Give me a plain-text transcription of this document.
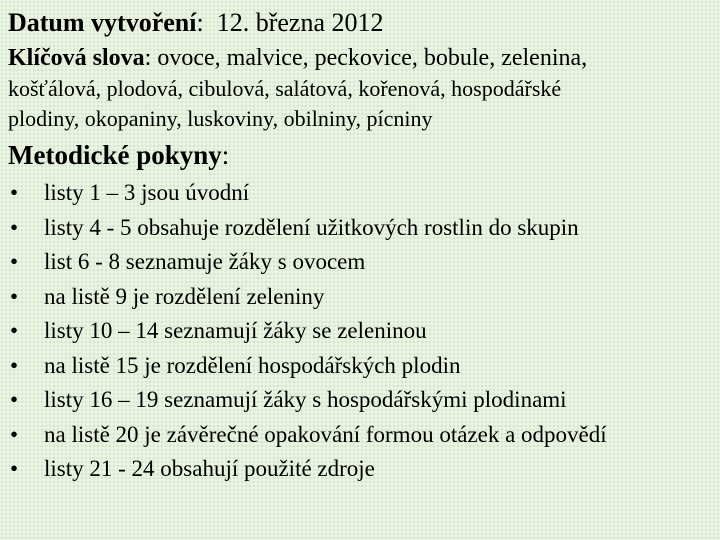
Datum vytvoření:  12. března 2012
Klíčová slova: ovoce, malvice, peckovice, bobule, zelenina,
košťálová, plodová, cibulová, salátová, kořenová, hospodářské
plodiny, okopaniny, luskoviny, obilniny, pícniny
Metodické pokyny:
• listy 1 – 3 jsou úvodní
• listy 4 - 5 obsahuje rozdělení užitkových rostlin do skupin
• list 6 - 8 seznamuje žáky s ovocem
• na listě 9 je rozdělení zeleniny
• listy 10 – 14 seznamují žáky se zeleninou
• na listě 15 je rozdělení hospodářských plodin
• listy 16 – 19 seznamují žáky s hospodářskými plodinami
• na listě 20 je závěrečné opakování formou otázek a odpovědí
• listy 21 - 24 obsahují použité zdroje
